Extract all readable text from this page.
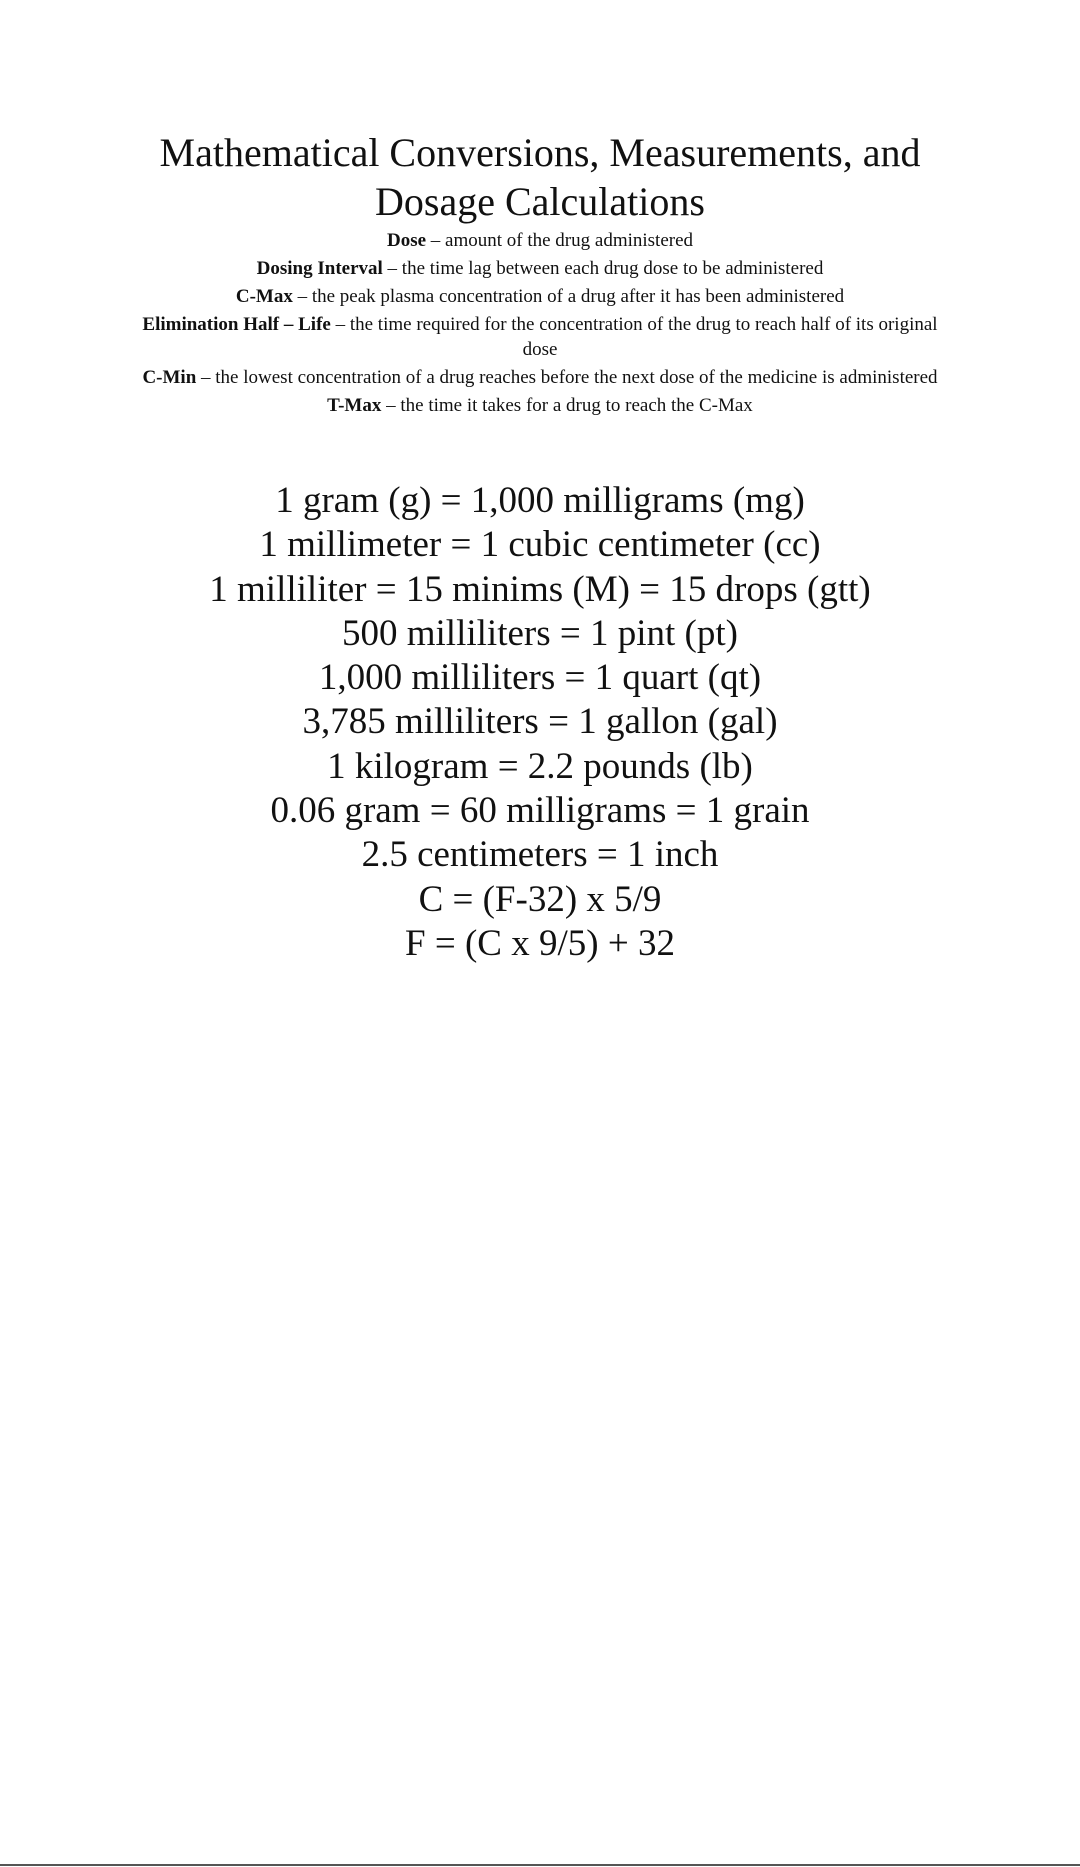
Mathematical Conversions, Measurements, and Dosage Calculations

Dose – amount of the drug administered

Dosing Interval – the time lag between each drug dose to be administered

C-Max – the peak plasma concentration of a drug after it has been administered

Elimination Half – Life – the time required for the concentration of the drug to reach half of its original dose

C-Min – the lowest concentration of a drug reaches before the next dose of the medicine is administered

T-Max – the time it takes for a drug to reach the C-Max

1 gram (g) = 1,000 milligrams (mg)

1 millimeter = 1 cubic centimeter (cc)

1 milliliter = 15 minims (M) = 15 drops (gtt)

500 milliliters = 1 pint (pt)

1,000 milliliters = 1 quart (qt)

3,785 milliliters = 1 gallon (gal)

1 kilogram = 2.2 pounds (lb)

0.06 gram = 60 milligrams = 1 grain

2.5 centimeters = 1 inch

C = (F-32) x 5/9

F = (C x 9/5) + 32
